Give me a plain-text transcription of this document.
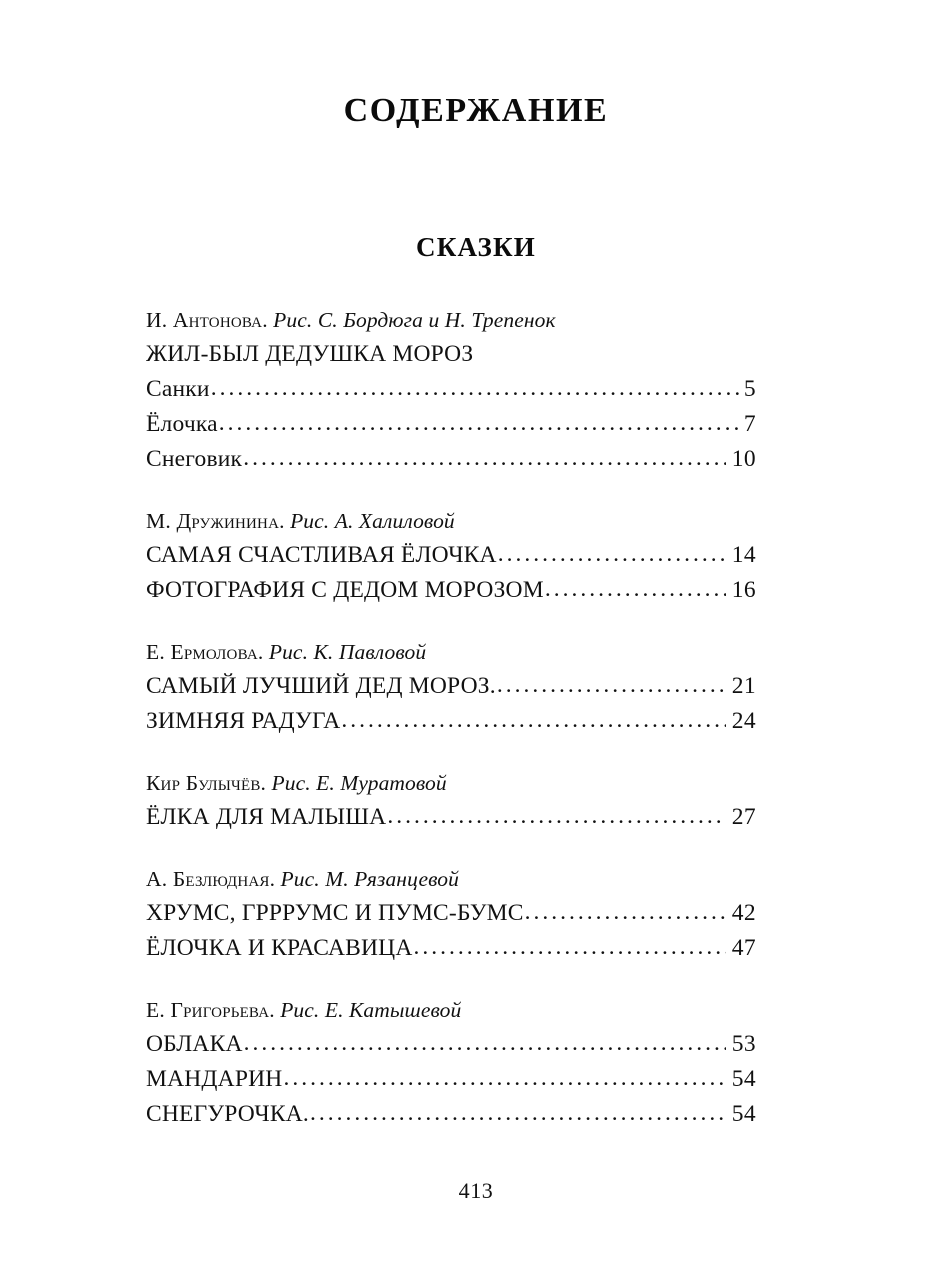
СОДЕРЖАНИЕ
СКАЗКИ
И. Антонова. Рис. С. Бордюга и Н. Трепенок
ЖИЛ-БЫЛ ДЕДУШКА МОРОЗ
Санки .....	5
Ёлочка .....	7
Снеговик .....	10
М. Дружинина. Рис. А. Халиловой
САМАЯ СЧАСТЛИВАЯ ЁЛОЧКА .....	14
ФОТОГРАФИЯ С ДЕДОМ МОРОЗОМ .....	16
Е. Ермолова. Рис. К. Павловой
САМЫЙ ЛУЧШИЙ ДЕД МОРОЗ. .....	21
ЗИМНЯЯ РАДУГА .....	24
Кир Булычёв. Рис. Е. Муратовой
ЁЛКА ДЛЯ МАЛЫША .....	27
А. Безлюдная. Рис. М. Рязанцевой
ХРУМС, ГРРРУМС И ПУМС-БУМС .....	42
ЁЛОЧКА И КРАСАВИЦА .....	47
Е. Григорьева. Рис. Е. Катышевой
ОБЛАКА .....	53
МАНДАРИН .....	54
СНЕГУРОЧКА. .....	54
413
